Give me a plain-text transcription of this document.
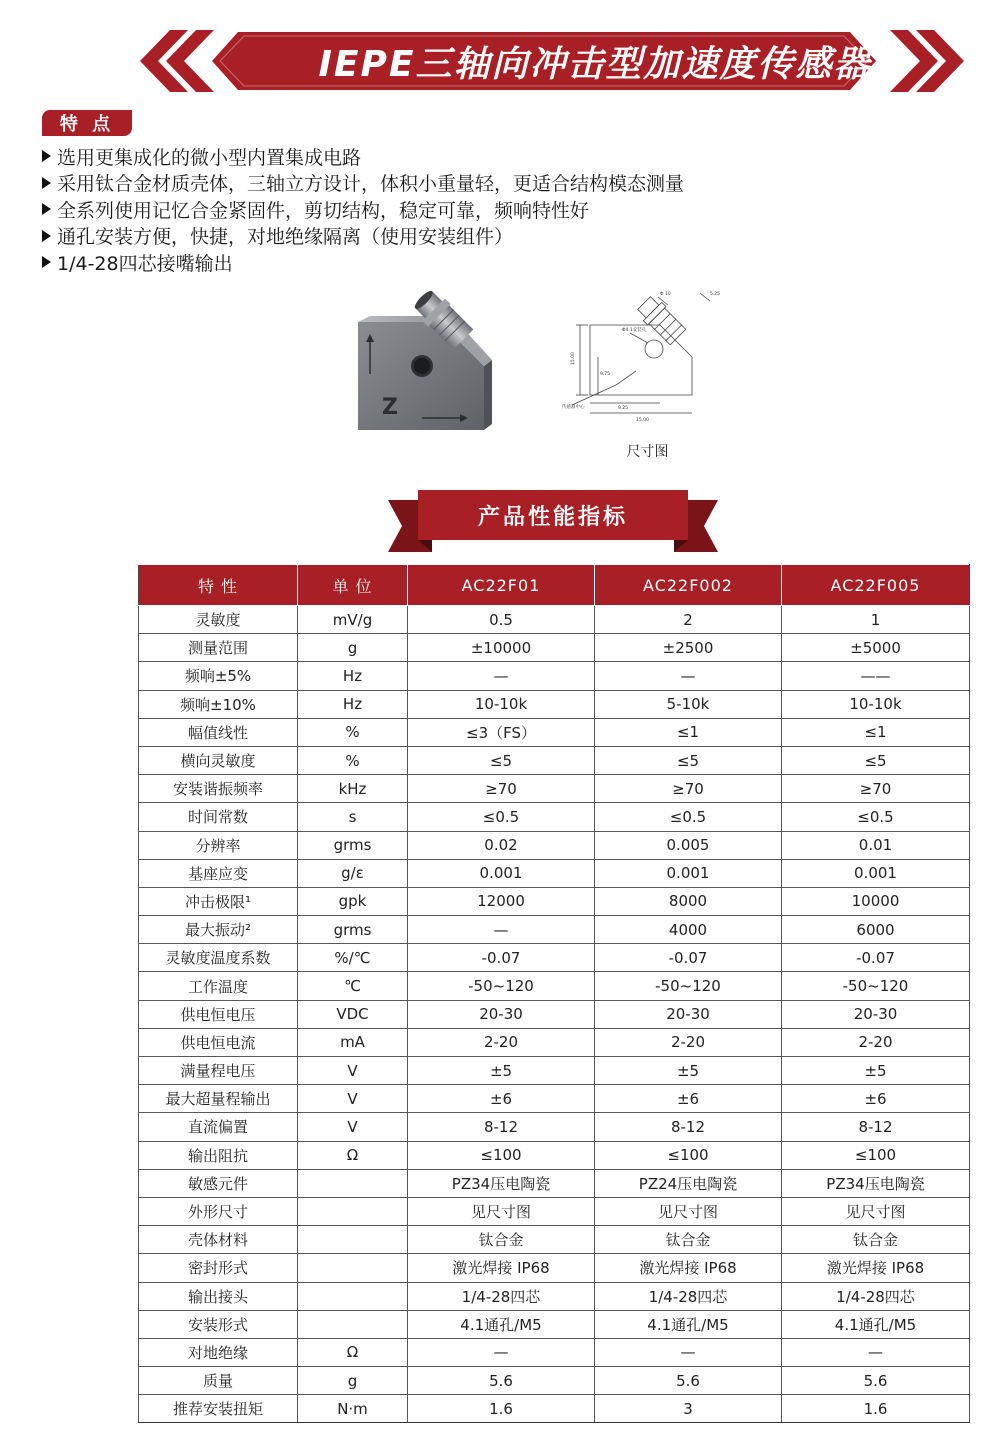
IEPE三轴向冲击型加速度传感器
特 点
选用更集成化的微小型内置集成电路
采用钛合金材质壳体，三轴立方设计，体积小重量轻，更适合结构模态测量
全系列使用记忆合金紧固件，剪切结构，稳定可靠，频响特性好
通孔安装方便，快捷，对地绝缘隔离（使用安装组件）
1/4-28四芯接嘴输出
Z
Φ4.1安装孔
传感器中心
15.00
9.75
9.25
15.00
Φ 10	5.25
尺寸图
产品性能指标
特 性	单 位	AC22F01	AC22F002	AC22F005
灵敏度	mV/g	0.5	2	1
测量范围	g	±10000	±2500	±5000
频响±5%	Hz	—	—	——
频响±10%	Hz	10-10k	5-10k	10-10k
幅值线性	%	≤3（FS）	≤1	≤1
横向灵敏度	%	≤5	≤5	≤5
安装谐振频率	kHz	≥70	≥70	≥70
时间常数	s	≤0.5	≤0.5	≤0.5
分辨率	grms	0.02	0.005	0.01
基座应变	g/ε	0.001	0.001	0.001
冲击极限¹	gpk	12000	8000	10000
最大振动²	grms	—	4000	6000
灵敏度温度系数	%/℃	-0.07	-0.07	-0.07
工作温度	℃	-50~120	-50~120	-50~120
供电恒电压	VDC	20-30	20-30	20-30
供电恒电流	mA	2-20	2-20	2-20
满量程电压	V	±5	±5	±5
最大超量程输出	V	±6	±6	±6
直流偏置	V	8-12	8-12	8-12
输出阻抗	Ω	≤100	≤100	≤100
敏感元件		PZ34压电陶瓷	PZ24压电陶瓷	PZ34压电陶瓷
外形尺寸		见尺寸图	见尺寸图	见尺寸图
壳体材料		钛合金	钛合金	钛合金
密封形式		激光焊接 IP68	激光焊接 IP68	激光焊接 IP68
输出接头		1/4-28四芯	1/4-28四芯	1/4-28四芯
安装形式		4.1通孔/M5	4.1通孔/M5	4.1通孔/M5
对地绝缘	Ω	—	—	—
质量	g	5.6	5.6	5.6
推荐安装扭矩	N·m	1.6	3	1.6
